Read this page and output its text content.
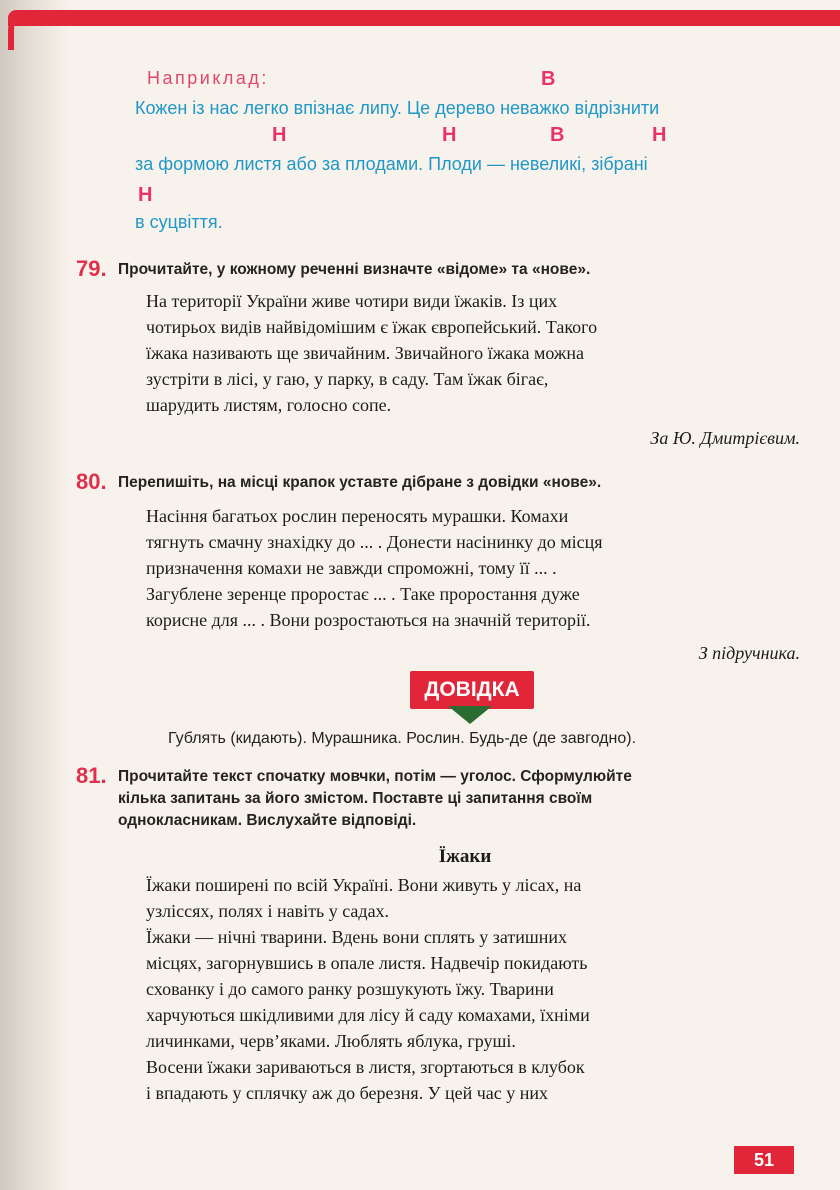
Наприклад:
Кожен із нас легко впізнає липу. Це дерево неважко відрізнити
за формою листя або за плодами. Плоди — невеликі, зібрані
в суцвіття.
В
Н	Н	В	Н
Н
79. Прочитайте, у кожному реченні визначте «відоме» та «нове».
На території України живе чотири види їжаків. Із цих
чотирьох видів найвідомішим є їжак європейський. Такого
їжака називають ще звичайним. Звичайного їжака можна
зустріти в лісі, у гаю, у парку, в саду. Там їжак бігає,
шарудить листям, голосно сопе.
За Ю. Дмитрієвим.
80. Перепишіть, на місці крапок уставте дібране з довідки «нове».
Насіння багатьох рослин переносять мурашки. Комахи
тягнуть смачну знахідку до ... . Донести насінинку до місця
призначення комахи не завжди спроможні, тому її ... .
Загублене зеренце проростає ... . Таке проростання дуже
корисне для ... . Вони розростаються на значній території.
З підручника.
ДОВІДКА
Гублять (кидають). Мурашника. Рослин. Будь-де (де завгодно).
81. Прочитайте текст спочатку мовчки, потім — уголос. Сформулюйте
кілька запитань за його змістом. Поставте ці запитання своїм
однокласникам. Вислухайте відповіді.
Їжаки
Їжаки поширені по всій Україні. Вони живуть у лісах, на
узліссях, полях і навіть у садах.
Їжаки — нічні тварини. Вдень вони сплять у затишних
місцях, загорнувшись в опале листя. Надвечір покидають
схованку і до самого ранку розшукують їжу. Тварини
харчуються шкідливими для лісу й саду комахами, їхніми
личинками, черв’яками. Люблять яблука, груші.
Восени їжаки зариваються в листя, згортаються в клубок
і впадають у сплячку аж до березня. У цей час у них
51
